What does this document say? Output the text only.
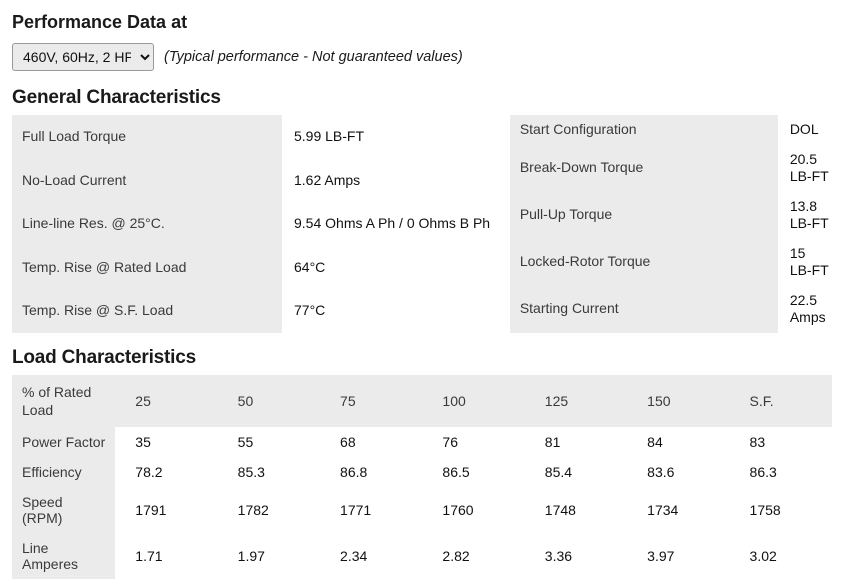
Performance Data at
460V, 60Hz, 2 HP
(Typical performance - Not guaranteed values)
General Characteristics
Full Load Torque	5.99 LB-FT
No-Load Current	1.62 Amps
Line-line Res. @ 25°C.	9.54 Ohms A Ph / 0 Ohms B Ph
Temp. Rise @ Rated Load	64°C
Temp. Rise @ S.F. Load	77°C
Start Configuration	DOL
Break-Down Torque	20.5 LB-FT
Pull-Up Torque	13.8 LB-FT
Locked-Rotor Torque	15 LB-FT
Starting Current	22.5 Amps
Load Characteristics
% of Rated Load	25	50	75	100	125	150	S.F.
Power Factor	35	55	68	76	81	84	83
Efficiency	78.2	85.3	86.8	86.5	85.4	83.6	86.3
Speed (RPM)	1791	1782	1771	1760	1748	1734	1758
Line Amperes	1.71	1.97	2.34	2.82	3.36	3.97	3.02
